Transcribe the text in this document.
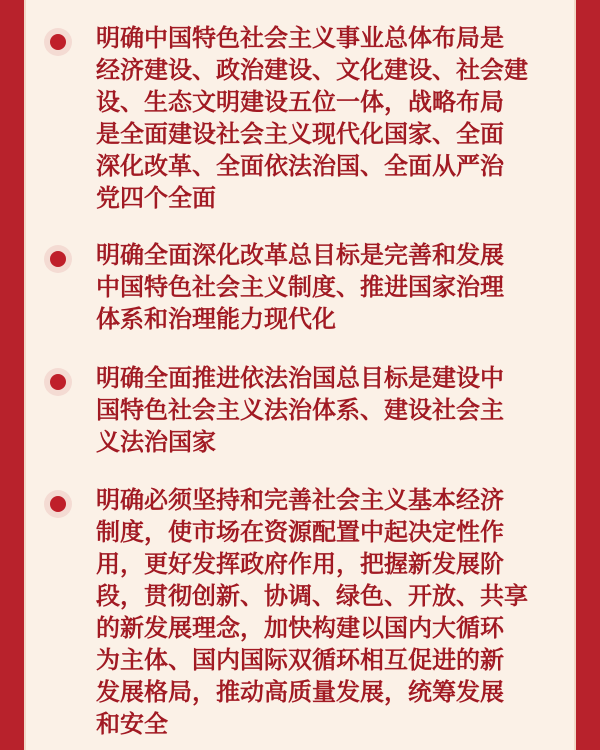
明确中国特色社会主义事业总体布局是
经济建设、政治建设、文化建设、社会建
设、生态文明建设五位一体，战略布局
是全面建设社会主义现代化国家、全面
深化改革、全面依法治国、全面从严治
党四个全面
明确全面深化改革总目标是完善和发展
中国特色社会主义制度、推进国家治理
体系和治理能力现代化
明确全面推进依法治国总目标是建设中
国特色社会主义法治体系、建设社会主
义法治国家
明确必须坚持和完善社会主义基本经济
制度，使市场在资源配置中起决定性作
用，更好发挥政府作用，把握新发展阶
段，贯彻创新、协调、绿色、开放、共享
的新发展理念，加快构建以国内大循环
为主体、国内国际双循环相互促进的新
发展格局，推动高质量发展，统筹发展
和安全
